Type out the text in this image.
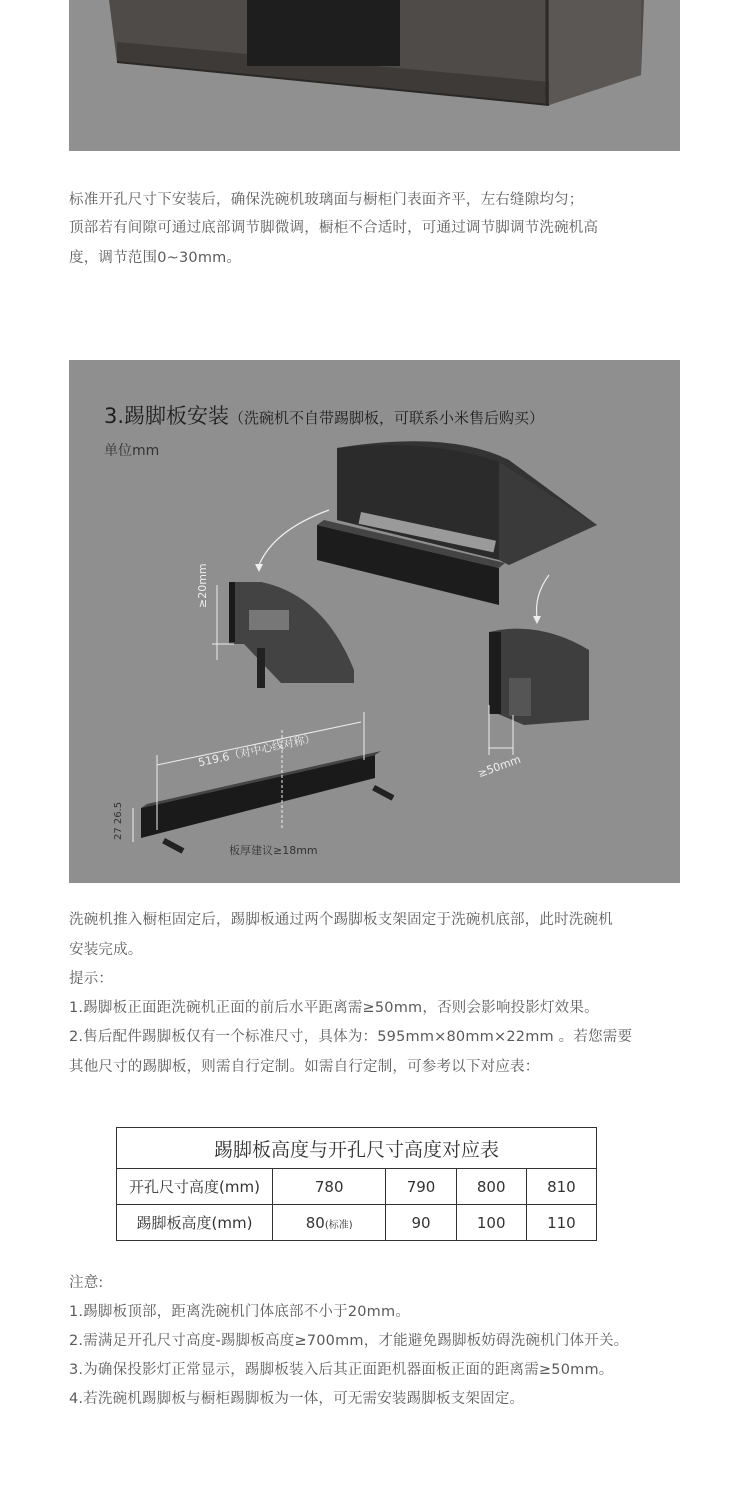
标准开孔尺寸下安装后，确保洗碗机玻璃面与橱柜门表面齐平，左右缝隙均匀；
顶部若有间隙可通过底部调节脚微调，橱柜不合适时，可通过调节脚调节洗碗机高
度，调节范围0~30mm。
3.踢脚板安装（洗碗机不自带踢脚板，可联系小米售后购买）
单位mm
≥20mm
≥50mm
519.6（对中心线对称）
27 26.5
板厚建议≥18mm
洗碗机推入橱柜固定后，踢脚板通过两个踢脚板支架固定于洗碗机底部，此时洗碗机
安装完成。
提示：
1.踢脚板正面距洗碗机正面的前后水平距离需≥50mm，否则会影响投影灯效果。
2.售后配件踢脚板仅有一个标准尺寸，具体为：595mm×80mm×22mm 。若您需要
其他尺寸的踢脚板，则需自行定制。如需自行定制，可参考以下对应表：
踢脚板高度与开孔尺寸高度对应表				
开孔尺寸高度(mm)	780	790	800	810
踢脚板高度(mm)	80(标准)	90	100	110
注意:
1.踢脚板顶部，距离洗碗机门体底部不小于20mm。
2.需满足开孔尺寸高度-踢脚板高度≥700mm，才能避免踢脚板妨碍洗碗机门体开关。
3.为确保投影灯正常显示，踢脚板装入后其正面距机器面板正面的距离需≥50mm。
4.若洗碗机踢脚板与橱柜踢脚板为一体，可无需安装踢脚板支架固定。
